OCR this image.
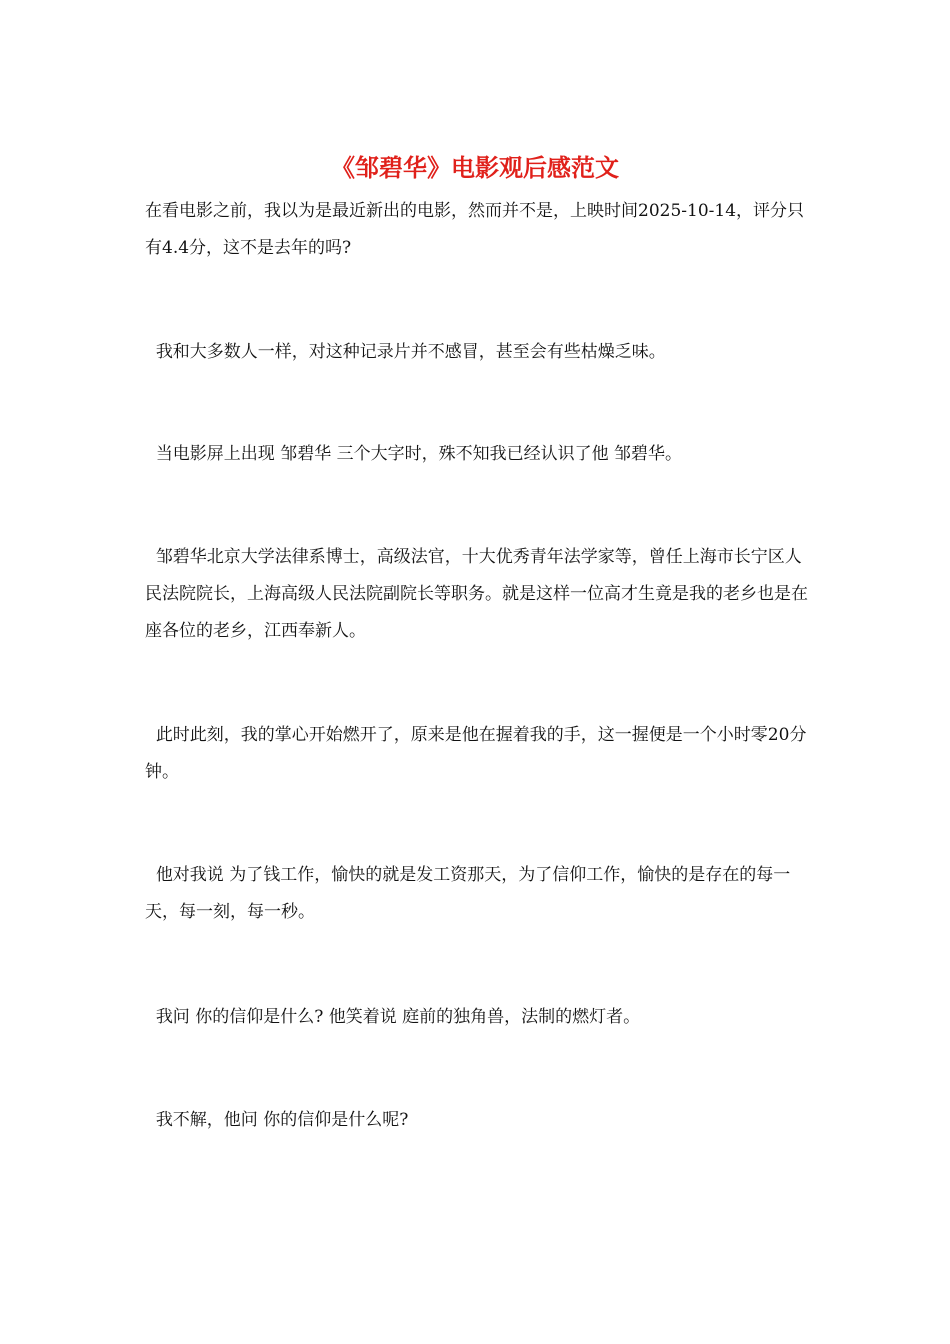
《邹碧华》电影观后感范文

在看电影之前，我以为是最近新出的电影，然而并不是，上映时间2025-10-14，评分只有4.4分，这不是去年的吗?

我和大多数人一样，对这种记录片并不感冒，甚至会有些枯燥乏味。

当电影屏上出现 邹碧华 三个大字时，殊不知我已经认识了他 邹碧华。

邹碧华北京大学法律系博士，高级法官，十大优秀青年法学家等，曾任上海市长宁区人民法院院长，上海高级人民法院副院长等职务。就是这样一位高才生竟是我的老乡也是在座各位的老乡，江西奉新人。

此时此刻，我的掌心开始燃开了，原来是他在握着我的手，这一握便是一个小时零20分钟。

他对我说 为了钱工作，愉快的就是发工资那天，为了信仰工作，愉快的是存在的每一天，每一刻，每一秒。

我问 你的信仰是什么? 他笑着说 庭前的独角兽，法制的燃灯者。

我不解，他问 你的信仰是什么呢?
